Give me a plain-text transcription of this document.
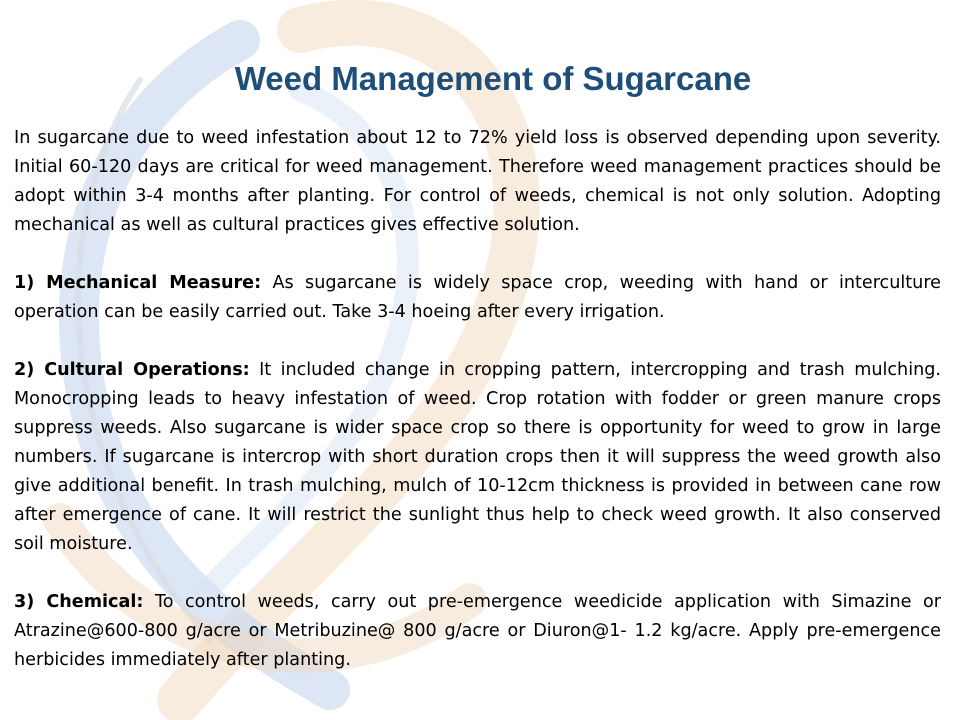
Weed Management of Sugarcane

In sugarcane due to weed infestation about 12 to 72% yield loss is observed depending upon severity. Initial 60-120 days are critical for weed management. Therefore weed management practices should be adopt within 3-4 months after planting. For control of weeds, chemical is not only solution. Adopting mechanical as well as cultural practices gives effective solution.

1) Mechanical Measure: As sugarcane is widely space crop, weeding with hand or interculture operation can be easily carried out. Take 3-4 hoeing after every irrigation.

2) Cultural Operations: It included change in cropping pattern, intercropping and trash mulching. Monocropping leads to heavy infestation of weed. Crop rotation with fodder or green manure crops suppress weeds. Also sugarcane is wider space crop so there is opportunity for weed to grow in large numbers. If sugarcane is intercrop with short duration crops then it will suppress the weed growth also give additional benefit. In trash mulching, mulch of 10-12cm thickness is provided in between cane row after emergence of cane. It will restrict the sunlight thus help to check weed growth. It also conserved soil moisture.

3) Chemical: To control weeds, carry out pre-emergence weedicide application with Simazine or Atrazine@600-800 g/acre or Metribuzine@ 800 g/acre or Diuron@1- 1.2 kg/acre. Apply pre-emergence herbicides immediately after planting.
